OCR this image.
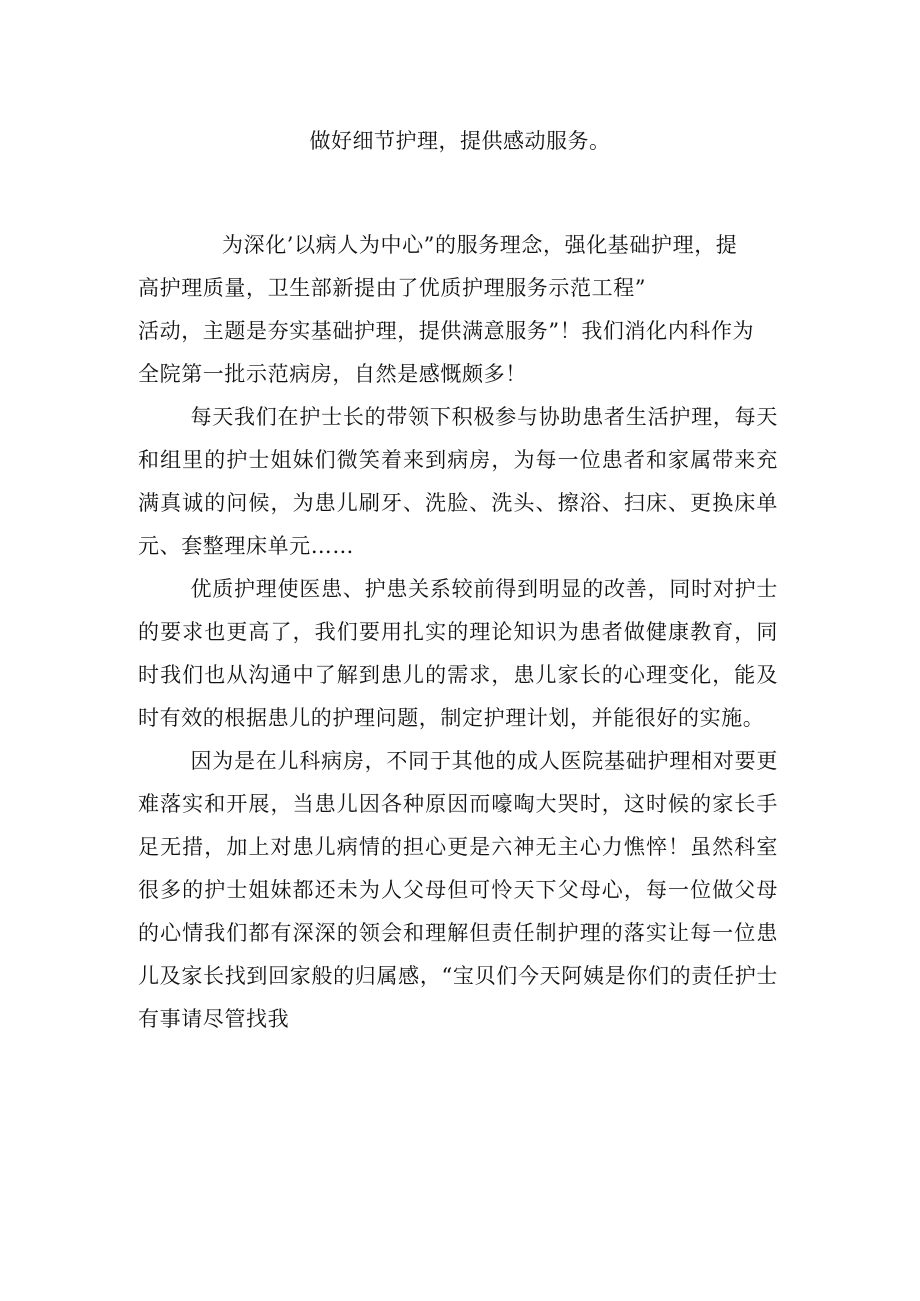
做好细节护理，提供感动服务。

为深化’以病人为中心”的服务理念，强化基础护理，提
高护理质量，卫生部新提由了优质护理服务示范工程”
活动，主题是夯实基础护理，提供满意服务”！我们消化内科作为
全院第一批示范病房，自然是感慨颇多！

每天我们在护士长的带领下积极参与协助患者生活护理，每天和组里的护士姐妹们微笑着来到病房，为每一位患者和家属带来充满真诚的问候，为患儿刷牙、洗脸、洗头、擦浴、扫床、更换床单元、套整理床单元……

优质护理使医患、护患关系较前得到明显的改善，同时对护士的要求也更高了，我们要用扎实的理论知识为患者做健康教育，同时我们也从沟通中了解到患儿的需求，患儿家长的心理变化，能及时有效的根据患儿的护理问题，制定护理计划，并能很好的实施。

因为是在儿科病房，不同于其他的成人医院基础护理相对要更难落实和开展，当患儿因各种原因而嚎啕大哭时，这时候的家长手足无措，加上对患儿病情的担心更是六神无主心力憔悴！虽然科室很多的护士姐妹都还未为人父母但可怜天下父母心，每一位做父母的心情我们都有深深的领会和理解但责任制护理的落实让每一位患儿及家长找到回家般的归属感，“宝贝们今天阿姨是你们的责任护士有事请尽管找我
